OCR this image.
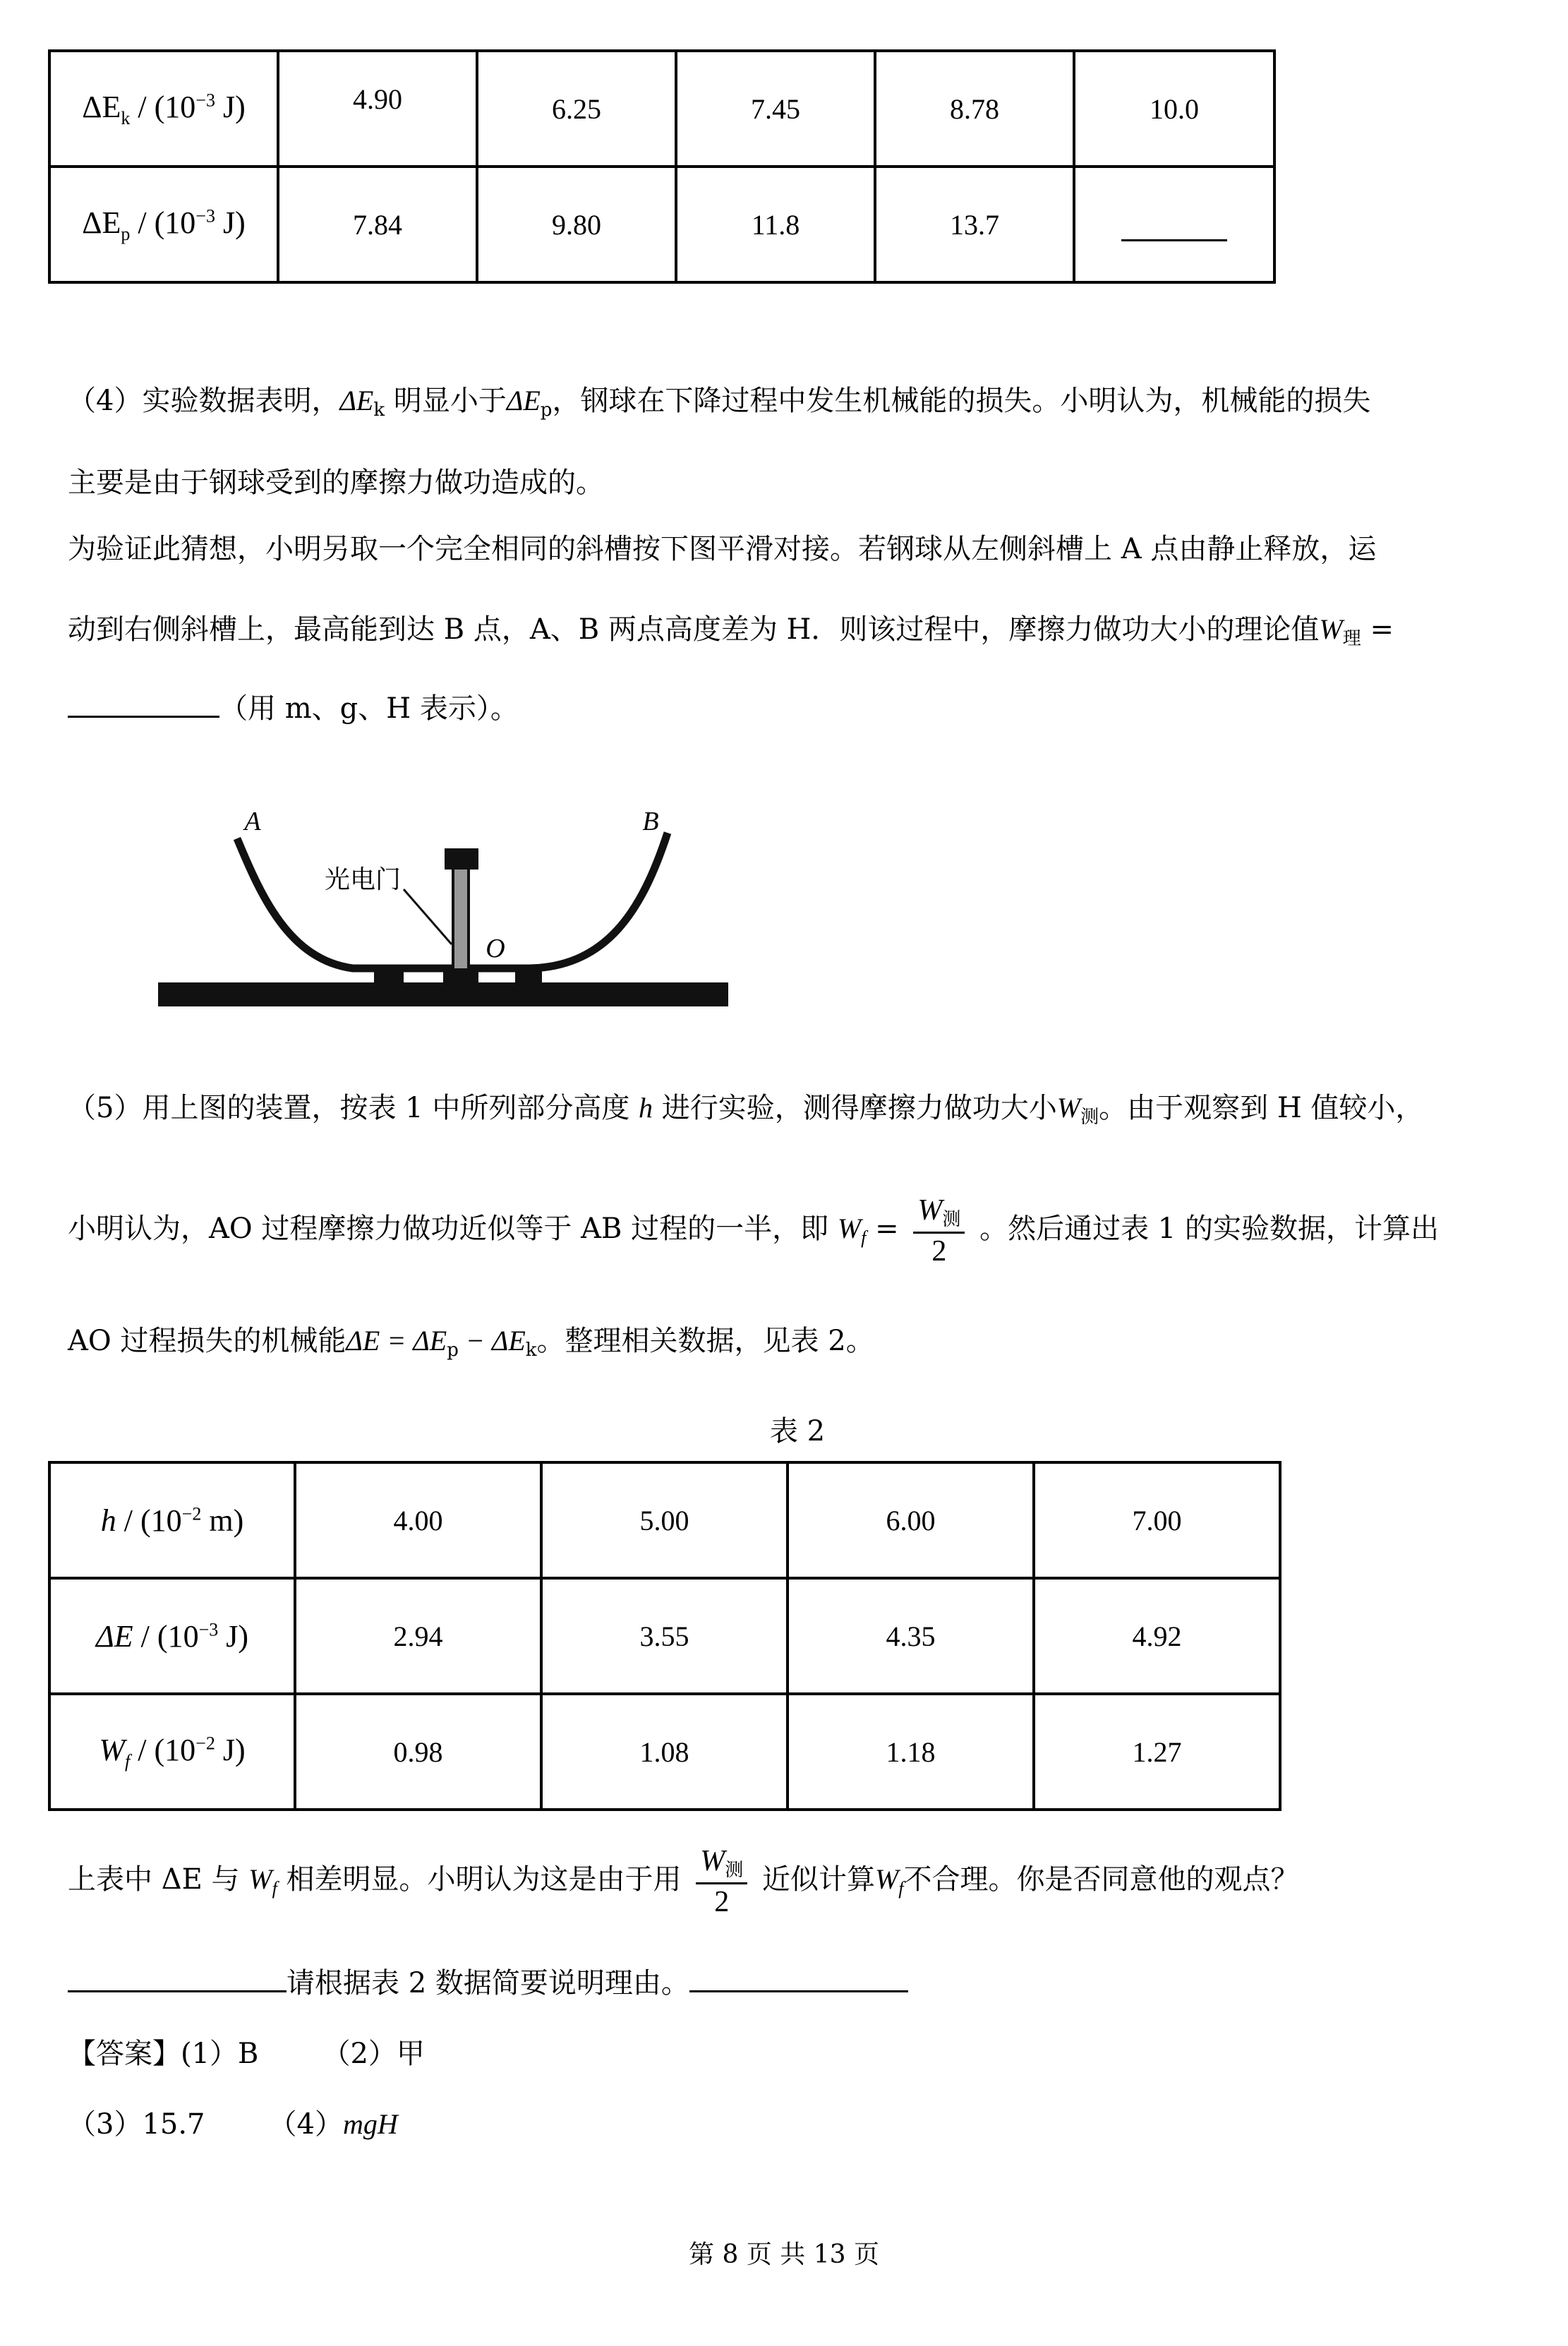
$\Delta E_k / (10^{-3}$ J)	4.90	6.25	7.45	8.78	10.0
$\Delta E_p / (10^{-3}$ J)	7.84	9.80	11.8	13.7	
（4）实验数据表明，$\Delta E_k$ 明显小于$\Delta E_p$，钢球在下降过程中发生机械能的损失。小明认为，机械能的损失
主要是由于钢球受到的摩擦力做功造成的。
为验证此猜想，小明另取一个完全相同的斜槽按下图平滑对接。若钢球从左侧斜槽上 A 点由静止释放，运
动到右侧斜槽上，最高能到达 B 点，A、B 两点高度差为 H．则该过程中，摩擦力做功大小的理论值$W_理$ =
（用 m、g、H 表示）。
A	B
O
光电门
（5）用上图的装置，按表 1 中所列部分高度 h 进行实验，测得摩擦力做功大小$W_测$。由于观察到 H 值较小，
小明认为，AO 过程摩擦力做功近似等于 AB 过程的一半，即 $W_f = \frac{\text{W测}}{2}$ 。然后通过表 1 的实验数据，计算出
AO 过程损失的机械能$\Delta E = \Delta E_p - \Delta E_k$。整理相关数据，见表 2。
表 2
h / ($10^{-2}$ m)	4.00	5.00	6.00	7.00
ΔE / ($10^{-3}$ J)	2.94	3.55	4.35	4.92
$W_f / (10^{-2}$ J)	0.98	1.08	1.18	1.27
上表中 ΔE 与 $W_f$ 相差明显。小明认为这是由于用 $\frac{\text{W测}}{2}$ 近似计算$W_f$不合理。你是否同意他的观点？
请根据表 2 数据简要说明理由。
【答案】(1）B （2）甲
（3）15.7 （4）mgH
第 8 页 共 13 页
